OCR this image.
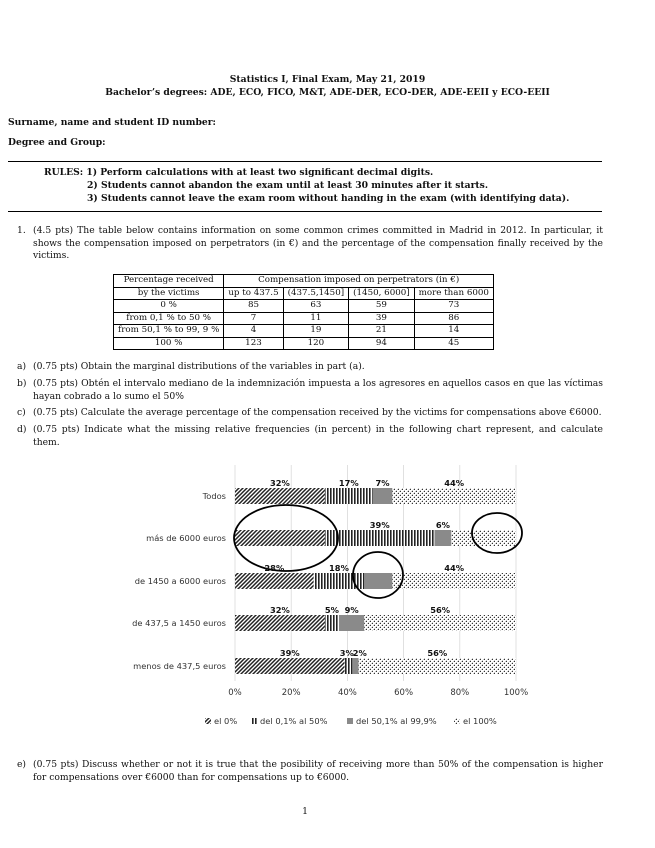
Statistics I, Final Exam, May 21, 2019
Bachelor’s degrees: ADE, ECO, FICO, M&T, ADE-DER, ECO-DER, ADE-EEII y ECO-EEII
Surname, name and student ID number:
Degree and Group:
RULES: 1) Perform calculations with at least two significant decimal digits.
2) Students cannot abandon the exam until at least 30 minutes after it starts.
3) Students cannot leave the exam room without handing in the exam (with identifying data).
1. (4.5 pts) The table below contains information on some common crimes committed in Madrid in 2012. In particular, it shows the compensation imposed on perpetrators (in €) and the percentage of the compensation finally received by the victims.
Percentage received	Compensation imposed on perpetrators (in €)			
by the victims	up to 437.5	(437.5,1450]	(1450, 6000]	more than 6000
0 %	85	63	59	73
from 0,1 % to 50 %	7	11	39	86
from 50,1 % to 99, 9 %	4	19	21	14
100 %	123	120	94	45
a) (0.75 pts) Obtain the marginal distributions of the variables in part (a).
b) (0.75 pts) Obtén el intervalo mediano de la indemnización impuesta a los agresores en aquellos casos en que las víctimas hayan cobrado a lo sumo el 50%
c) (0.75 pts) Calculate the average percentage of the compensation received by the victims for compensations above €6000.
d) (0.75 pts) Indicate what the missing relative frequencies (in percent) in the following chart represent, and calculate them.
0%	20%	40%	60%	80%	100%
Todos
32%	17% 7%	44%
más de 6000 euros
39%	6%
de 1450 a 6000 euros
28%	18%	44%
de 437,5 a 1450 euros
32%	5% 9%	56%
menos de 437,5 euros
39%	3%
2%	56%
el 0%	del 0,1% al 50%	del 50,1% al 99,9%	el 100%
e) (0.75 pts) Discuss whether or not it is true that the posibility of receiving more than 50% of the compensation is higher for compensations over €6000 than for compensations up to €6000.
1
